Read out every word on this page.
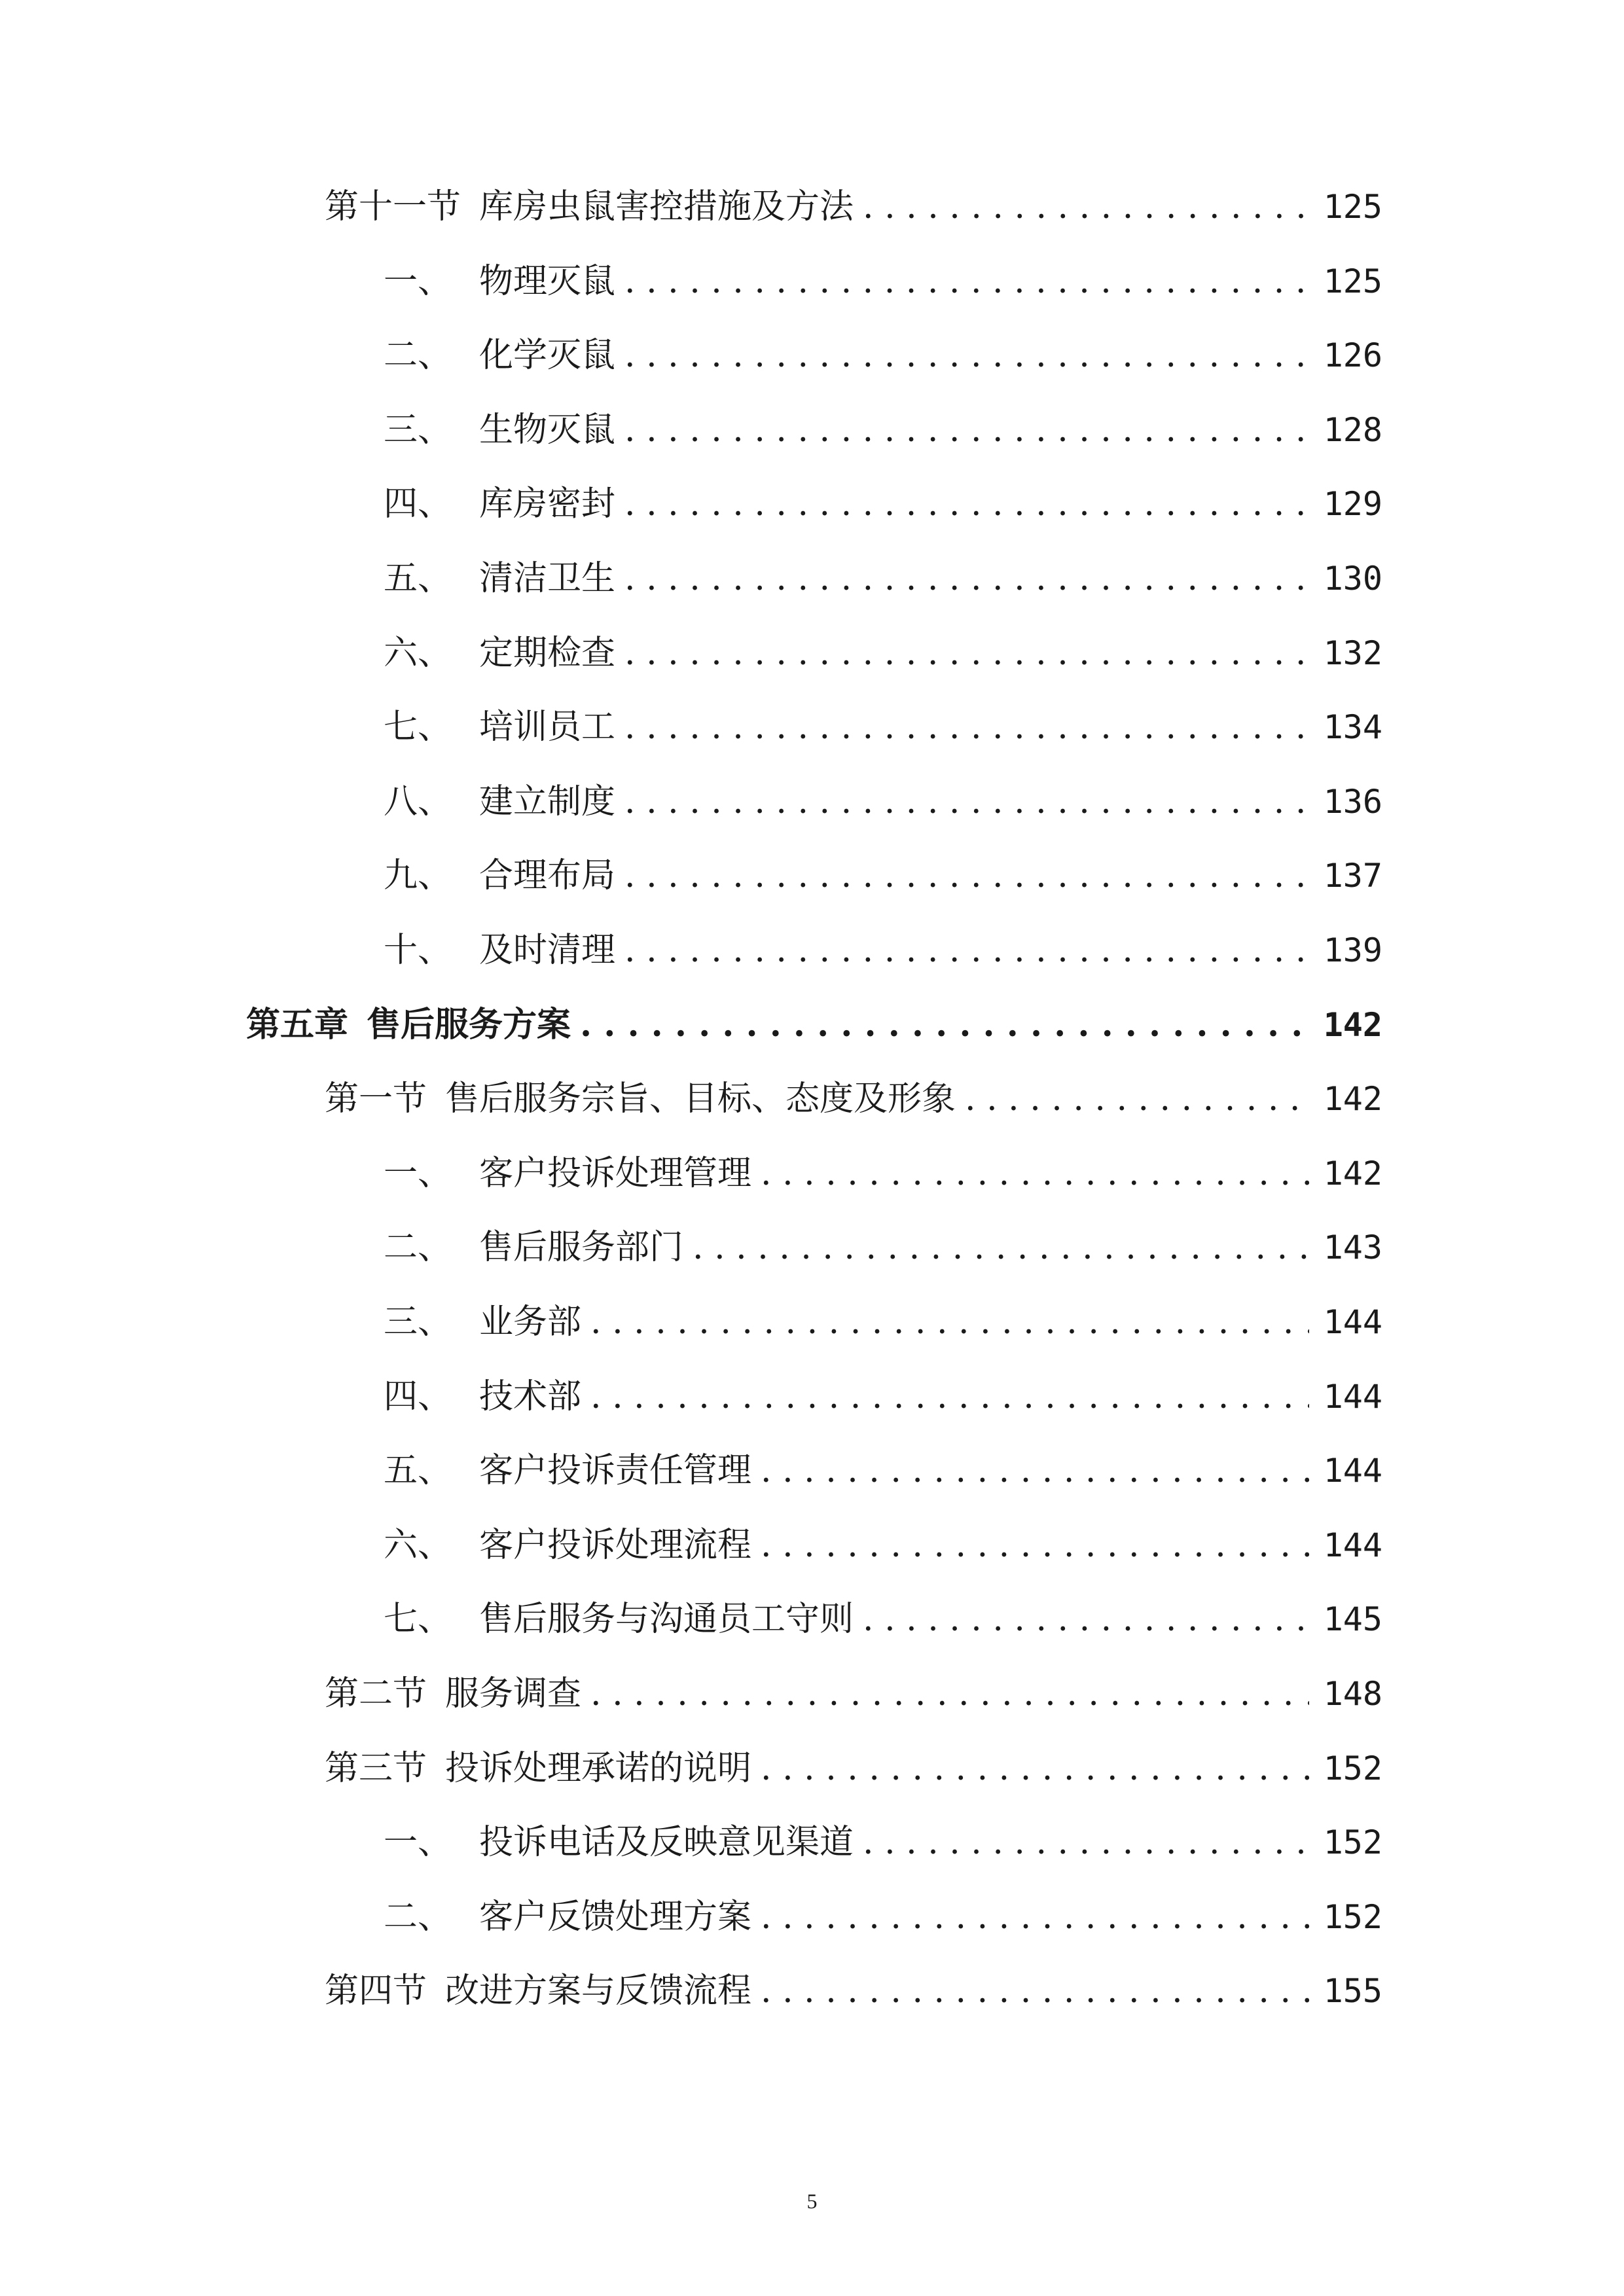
第十一节 库房虫鼠害控措施及方法 . . .	125
一、 物理灭鼠 . . .	125
二、 化学灭鼠 . . .	126
三、 生物灭鼠 . . .	128
四、 库房密封 . . .	129
五、 清洁卫生 . . .	130
六、 定期检查 . . .	132
七、 培训员工 . . .	134
八、 建立制度 . . .	136
九、 合理布局 . . .	137
十、 及时清理 . . .	139
第五章 售后服务方案 . . .	142
第一节 售后服务宗旨、目标、态度及形象 . . .	142
一、 客户投诉处理管理 . . .	142
二、 售后服务部门 . . .	143
三、 业务部 . . .	144
四、 技术部 . . .	144
五、 客户投诉责任管理 . . .	144
六、 客户投诉处理流程 . . .	144
七、 售后服务与沟通员工守则 . . .	145
第二节 服务调查 . . .	148
第三节 投诉处理承诺的说明 . . .	152
一、 投诉电话及反映意见渠道 . . .	152
二、 客户反馈处理方案 . . .	152
第四节 改进方案与反馈流程 . . .	155
5
